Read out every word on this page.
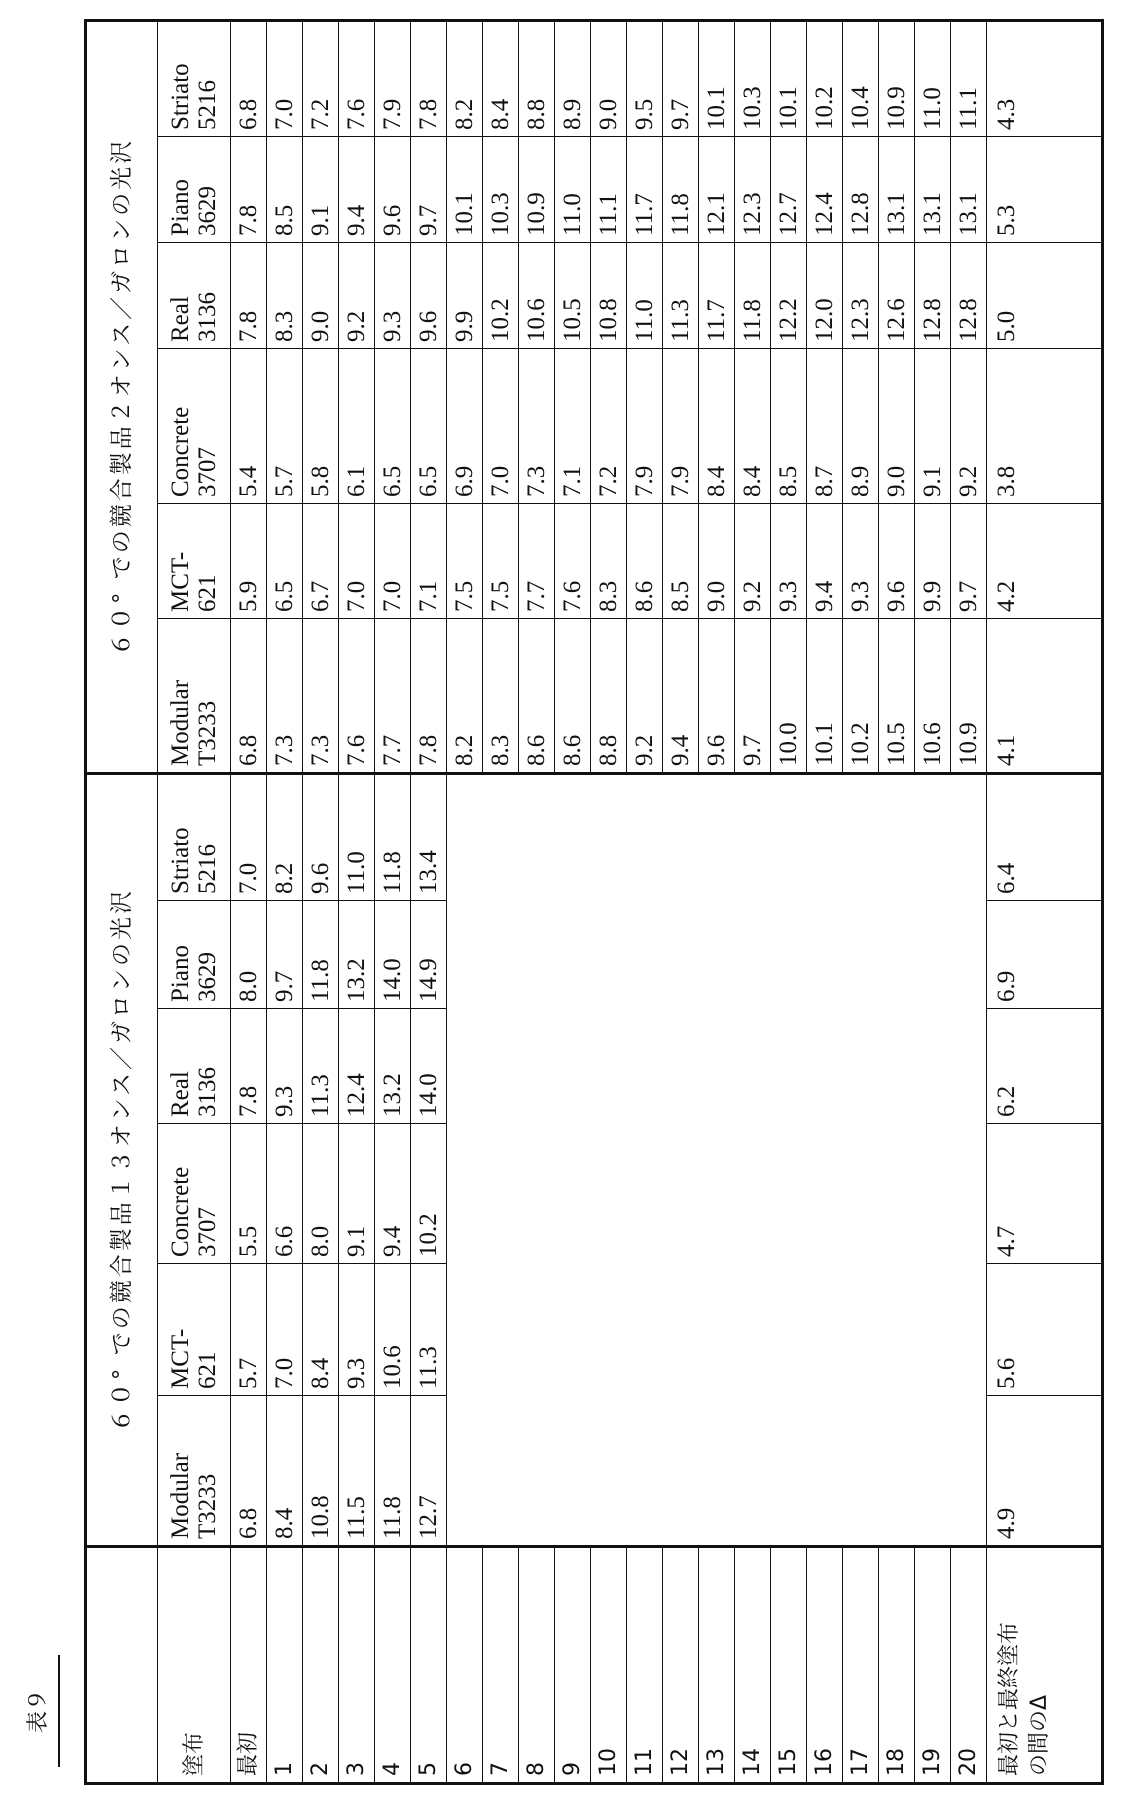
表９
	６０° での競合製品１３オンス／ガロンの光沢	６０° での競合製品２オンス／ガロンの光沢
塗布	
Modular T3233

MCT- 621

Concrete 3707

Real 3136

Piano 3629

Striato 5216

Modular T3233

MCT- 621

Concrete 3707

Real 3136

Piano 3629

Striato 5216

最初	6.8	5.7	5.5	7.8	8.0	7.0	6.8	5.9	5.4	7.8	7.8	6.8
1	8.4	7.0	6.6	9.3	9.7	8.2	7.3	6.5	5.7	8.3	8.5	7.0
2	10.8	8.4	8.0	11.3	11.8	9.6	7.3	6.7	5.8	9.0	9.1	7.2
3	11.5	9.3	9.1	12.4	13.2	11.0	7.6	7.0	6.1	9.2	9.4	7.6
4	11.8	10.6	9.4	13.2	14.0	11.8	7.7	7.0	6.5	9.3	9.6	7.9
5	12.7	11.3	10.2	14.0	14.9	13.4	7.8	7.1	6.5	9.6	9.7	7.8
6		8.2	7.5	6.9	9.9	10.1	8.2
7	8.3	7.5	7.0	10.2	10.3	8.4
8	8.6	7.7	7.3	10.6	10.9	8.8
9	8.6	7.6	7.1	10.5	11.0	8.9
10	8.8	8.3	7.2	10.8	11.1	9.0
11	9.2	8.6	7.9	11.0	11.7	9.5
12	9.4	8.5	7.9	11.3	11.8	9.7
13	9.6	9.0	8.4	11.7	12.1	10.1
14	9.7	9.2	8.4	11.8	12.3	10.3
15	10.0	9.3	8.5	12.2	12.7	10.1
16	10.1	9.4	8.7	12.0	12.4	10.2
17	10.2	9.3	8.9	12.3	12.8	10.4
18	10.5	9.6	9.0	12.6	13.1	10.9
19	10.6	9.9	9.1	12.8	13.1	11.0
20	10.9	9.7	9.2	12.8	13.1	11.1
最初と最終塗布
の間のΔ	4.9	5.6	4.7	6.2	6.9	6.4	4.1	4.2	3.8	5.0	5.3	4.3
